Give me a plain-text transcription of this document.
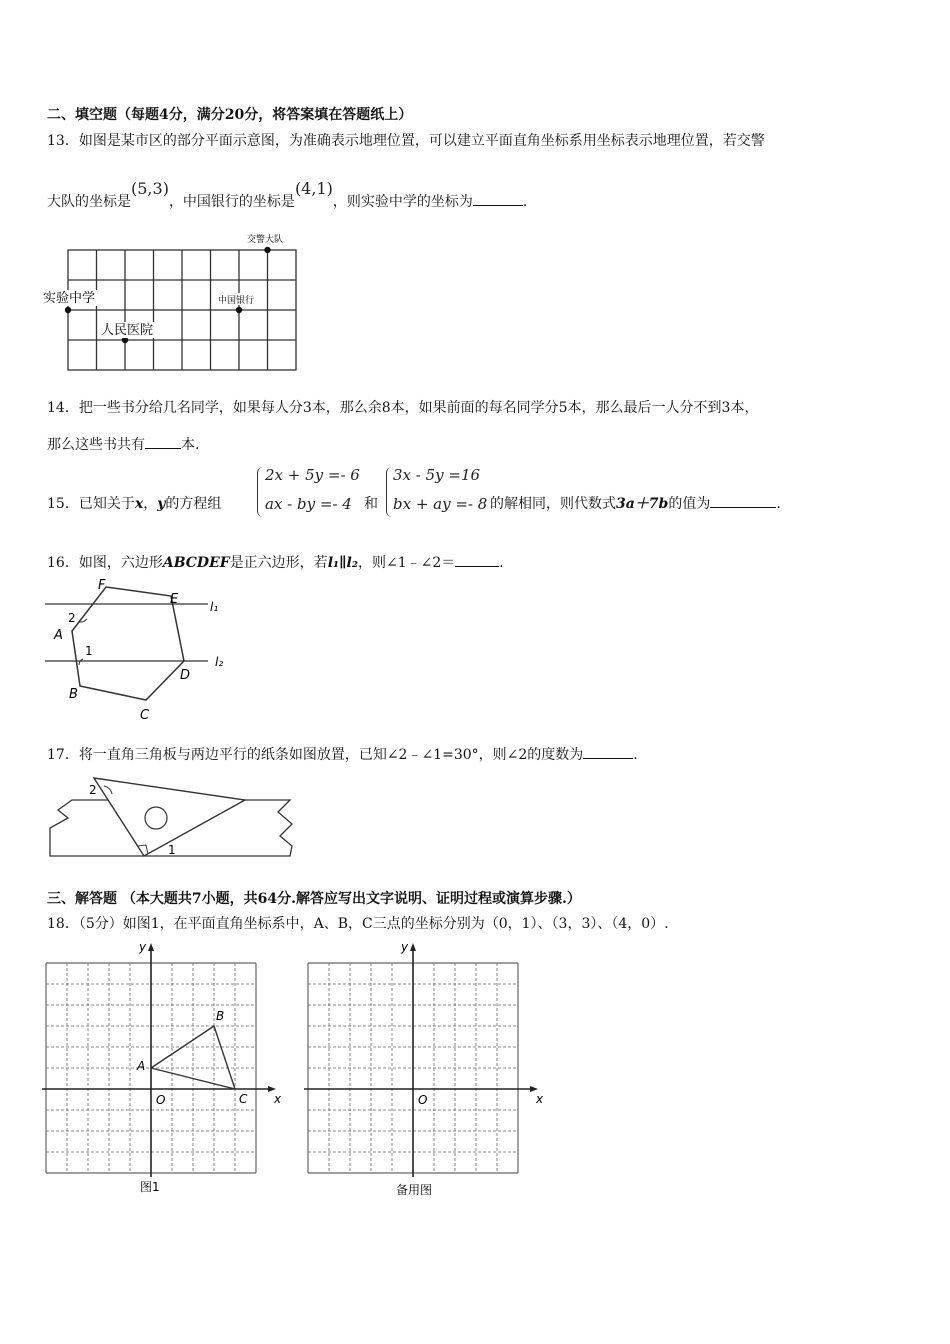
二、填空题（每题4分，满分20分，将答案填在答题纸上）
13．如图是某市区的部分平面示意图，为准确表示地理位置，可以建立平面直角坐标系用坐标表示地理位置，若交警
大队的坐标是(5,3)，中国银行的坐标是(4,1)，则实验中学的坐标为	.
交警大队
实验中学	中国银行
人民医院
14．把一些书分给几名同学，如果每人分3本，那么余8本，如果前面的每名同学分5本，那么最后一人分不到3本，
那么这些书共有	本.
15．已知关于x，y的方程组
2x + 5y =- 6
ax - by =- 4 和
3x - 5y =16
bx + ay =- 8 的解相同，则代数式3a＋7b的值为	.
16．如图，六边形ABCDEF是正六边形，若l₁∥l₂，则∠1﹣∠2＝	.
F
E
A
B
C
D
2
1
l₁
l₂
17．将一直角三角板与两边平行的纸条如图放置，已知∠2﹣∠1=30°，则∠2的度数为	.
2
1
三、解答题 （本大题共7小题，共64分.解答应写出文字说明、证明过程或演算步骤.）
18．（5分）如图1，在平面直角坐标系中，A、B，C三点的坐标分别为（0，1）、（3，3）、（4，0）.
A
B
C
O	x
y
图1
O	x
y
备用图
